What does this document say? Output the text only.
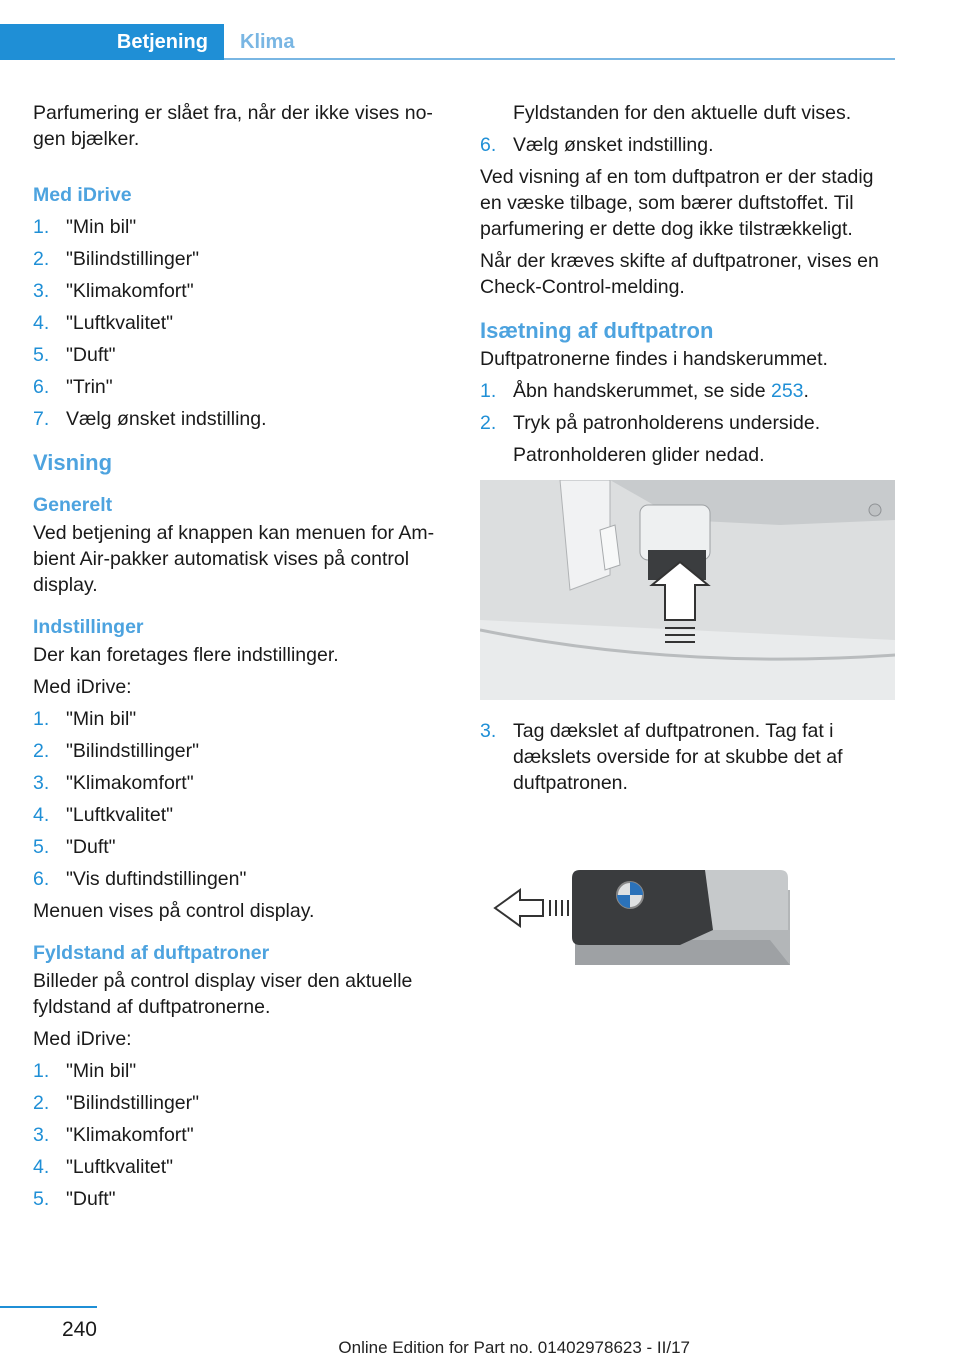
Betjening	Klima

Parfumering er slået fra, når der ikke vises no‐gen bjælker.

Med iDrive
1. "Min bil"
2. "Bilindstillinger"
3. "Klimakomfort"
4. "Luftkvalitet"
5. "Duft"
6. "Trin"
7. Vælg ønsket indstilling.
Visning
Generelt

Ved betjening af knappen kan menuen for Am‐bient Air-pakker automatisk vises på control display.

Indstillinger

Der kan foretages flere indstillinger.

Med iDrive:

1. "Min bil"
2. "Bilindstillinger"
3. "Klimakomfort"
4. "Luftkvalitet"
5. "Duft"
6. "Vis duftindstillingen"

Menuen vises på control display.

Fyldstand af duftpatroner

Billeder på control display viser den aktuelle fyldstand af duftpatronerne.

Med iDrive:

1. "Min bil"
2. "Bilindstillinger"
3. "Klimakomfort"
4. "Luftkvalitet"
5. "Duft"

Fyldstanden for den aktuelle duft vises.

6. Vælg ønsket indstilling.

Ved visning af en tom duftpatron er der stadig en væske tilbage, som bærer duftstoffet. Til parfumering er dette dog ikke tilstrækkeligt.

Når der kræves skifte af duftpatroner, vises en Check-Control-melding.

Isætning af duftpatron

Duftpatronerne findes i handskerummet.

1. Åbn handskerummet, se side 253.
2. Tryk på patronholderens underside.
Patronholderen glider nedad.
3. Tag dækslet af duftpatronen. Tag fat i dækslets overside for at skubbe det af duftpatronen.
240
Online Edition for Part no. 01402978623 - II/17
